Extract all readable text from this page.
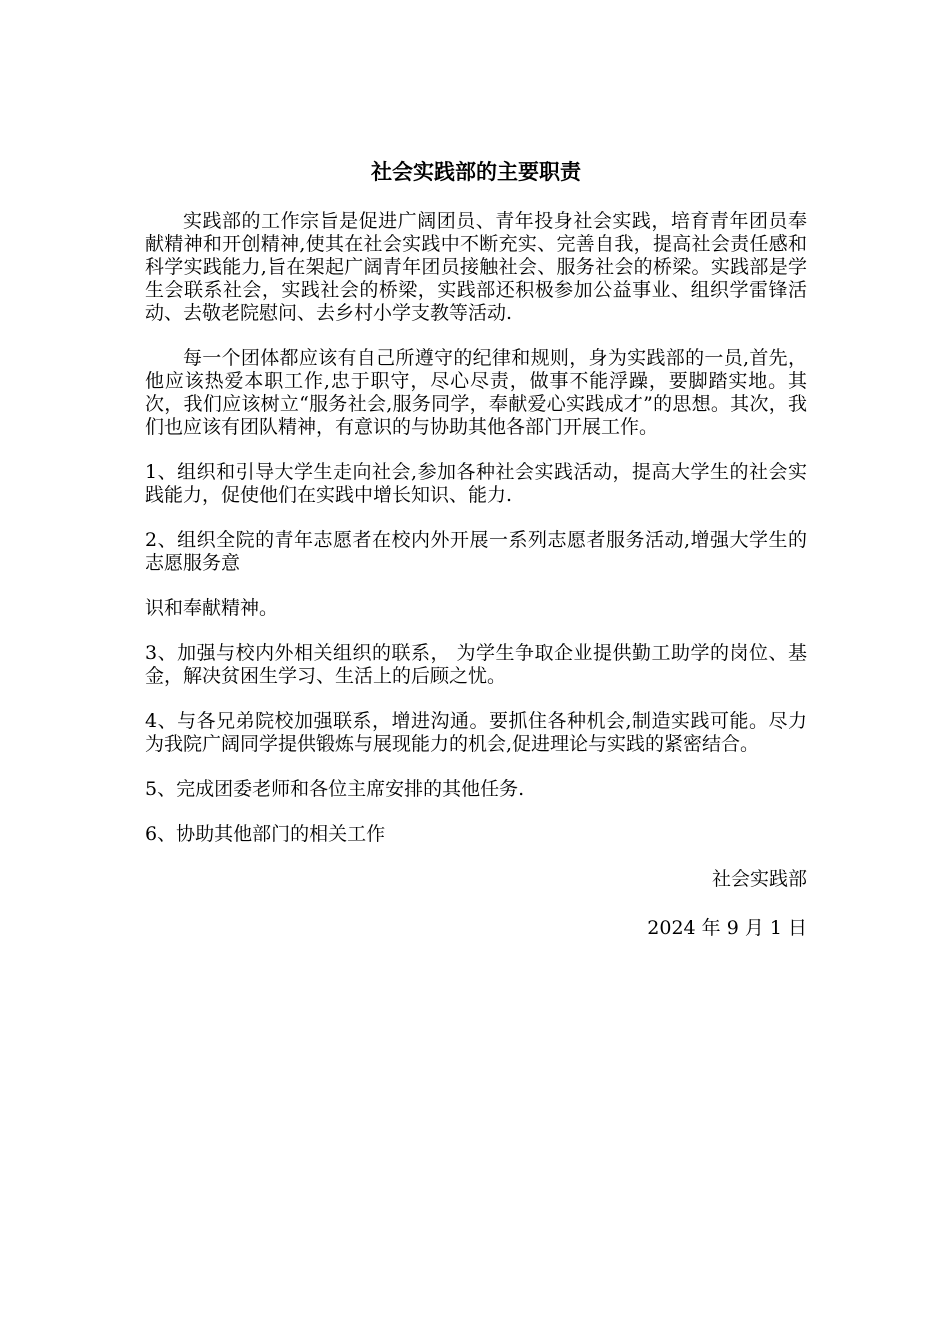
社会实践部的主要职责

实践部的工作宗旨是促进广阔团员、青年投身社会实践，培育青年团员奉献精神和开创精神,使其在社会实践中不断充实、完善自我，提高社会责任感和科学实践能力,旨在架起广阔青年团员接触社会、服务社会的桥梁。实践部是学生会联系社会，实践社会的桥梁，实践部还积极参加公益事业、组织学雷锋活动、去敬老院慰问、去乡村小学支教等活动.

每一个团体都应该有自己所遵守的纪律和规则，身为实践部的一员,首先，他应该热爱本职工作,忠于职守，尽心尽责，做事不能浮躁，要脚踏实地。其次，我们应该树立“服务社会,服务同学，奉献爱心实践成才”的思想。其次，我们也应该有团队精神，有意识的与协助其他各部门开展工作。

1、组织和引导大学生走向社会,参加各种社会实践活动，提高大学生的社会实践能力，促使他们在实践中增长知识、能力.

2、组织全院的青年志愿者在校内外开展一系列志愿者服务活动,增强大学生的志愿服务意

识和奉献精神。

3、加强与校内外相关组织的联系， 为学生争取企业提供勤工助学的岗位、基金，解决贫困生学习、生活上的后顾之忧。

4、与各兄弟院校加强联系，增进沟通。要抓住各种机会,制造实践可能。尽力为我院广阔同学提供锻炼与展现能力的机会,促进理论与实践的紧密结合。

5、完成团委老师和各位主席安排的其他任务.

6、协助其他部门的相关工作

社会实践部

2024 年 9 月 1 日
